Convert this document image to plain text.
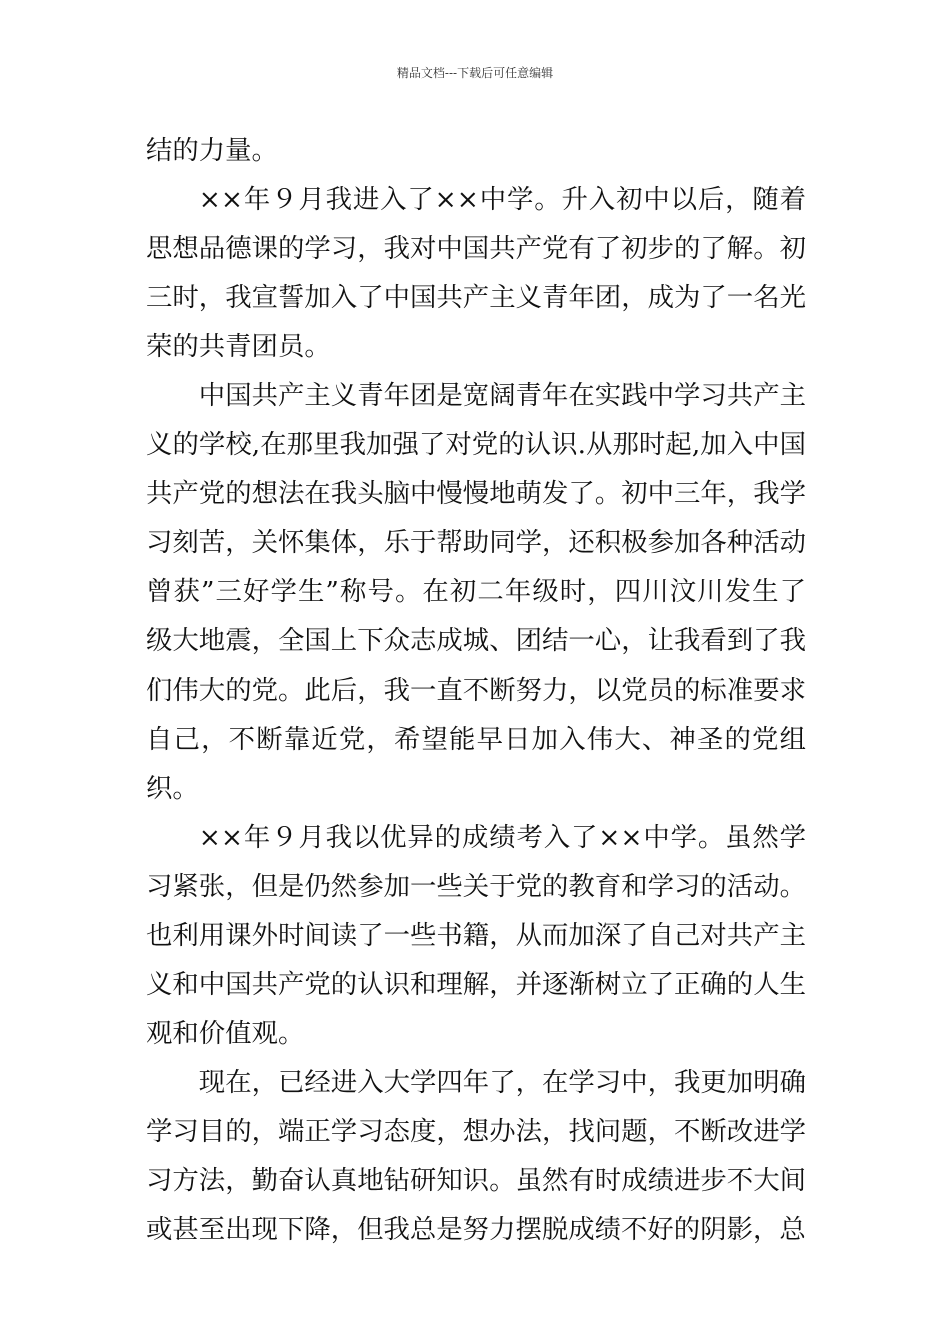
精品文档---下载后可任意编辑

结的力量。

××年９月我进入了××中学。升入初中以后，随着思想品德课的学习，我对中国共产党有了初步的了解。初三时，我宣誓加入了中国共产主义青年团，成为了一名光荣的共青团员。

中国共产主义青年团是宽阔青年在实践中学习共产主义的学校,在那里我加强了对党的认识.从那时起,加入中国共产党的想法在我头脑中慢慢地萌发了。初中三年，我学习刻苦，关怀集体，乐于帮助同学，还积极参加各种活动曾获”三好学生”称号。在初二年级时，四川汶川发生了级大地震，全国上下众志成城、团结一心，让我看到了我们伟大的党。此后，我一直不断努力，以党员的标准要求自己，不断靠近党，希望能早日加入伟大、神圣的党组织。

××年９月我以优异的成绩考入了××中学。虽然学习紧张，但是仍然参加一些关于党的教育和学习的活动。也利用课外时间读了一些书籍，从而加深了自己对共产主义和中国共产党的认识和理解，并逐渐树立了正确的人生观和价值观。

现在，已经进入大学四年了，在学习中，我更加明确学习目的，端正学习态度，想办法，找问题，不断改进学习方法，勤奋认真地钻研知识。虽然有时成绩进步不大间或甚至出现下降，但我总是努力摆脱成绩不好的阴影，总
